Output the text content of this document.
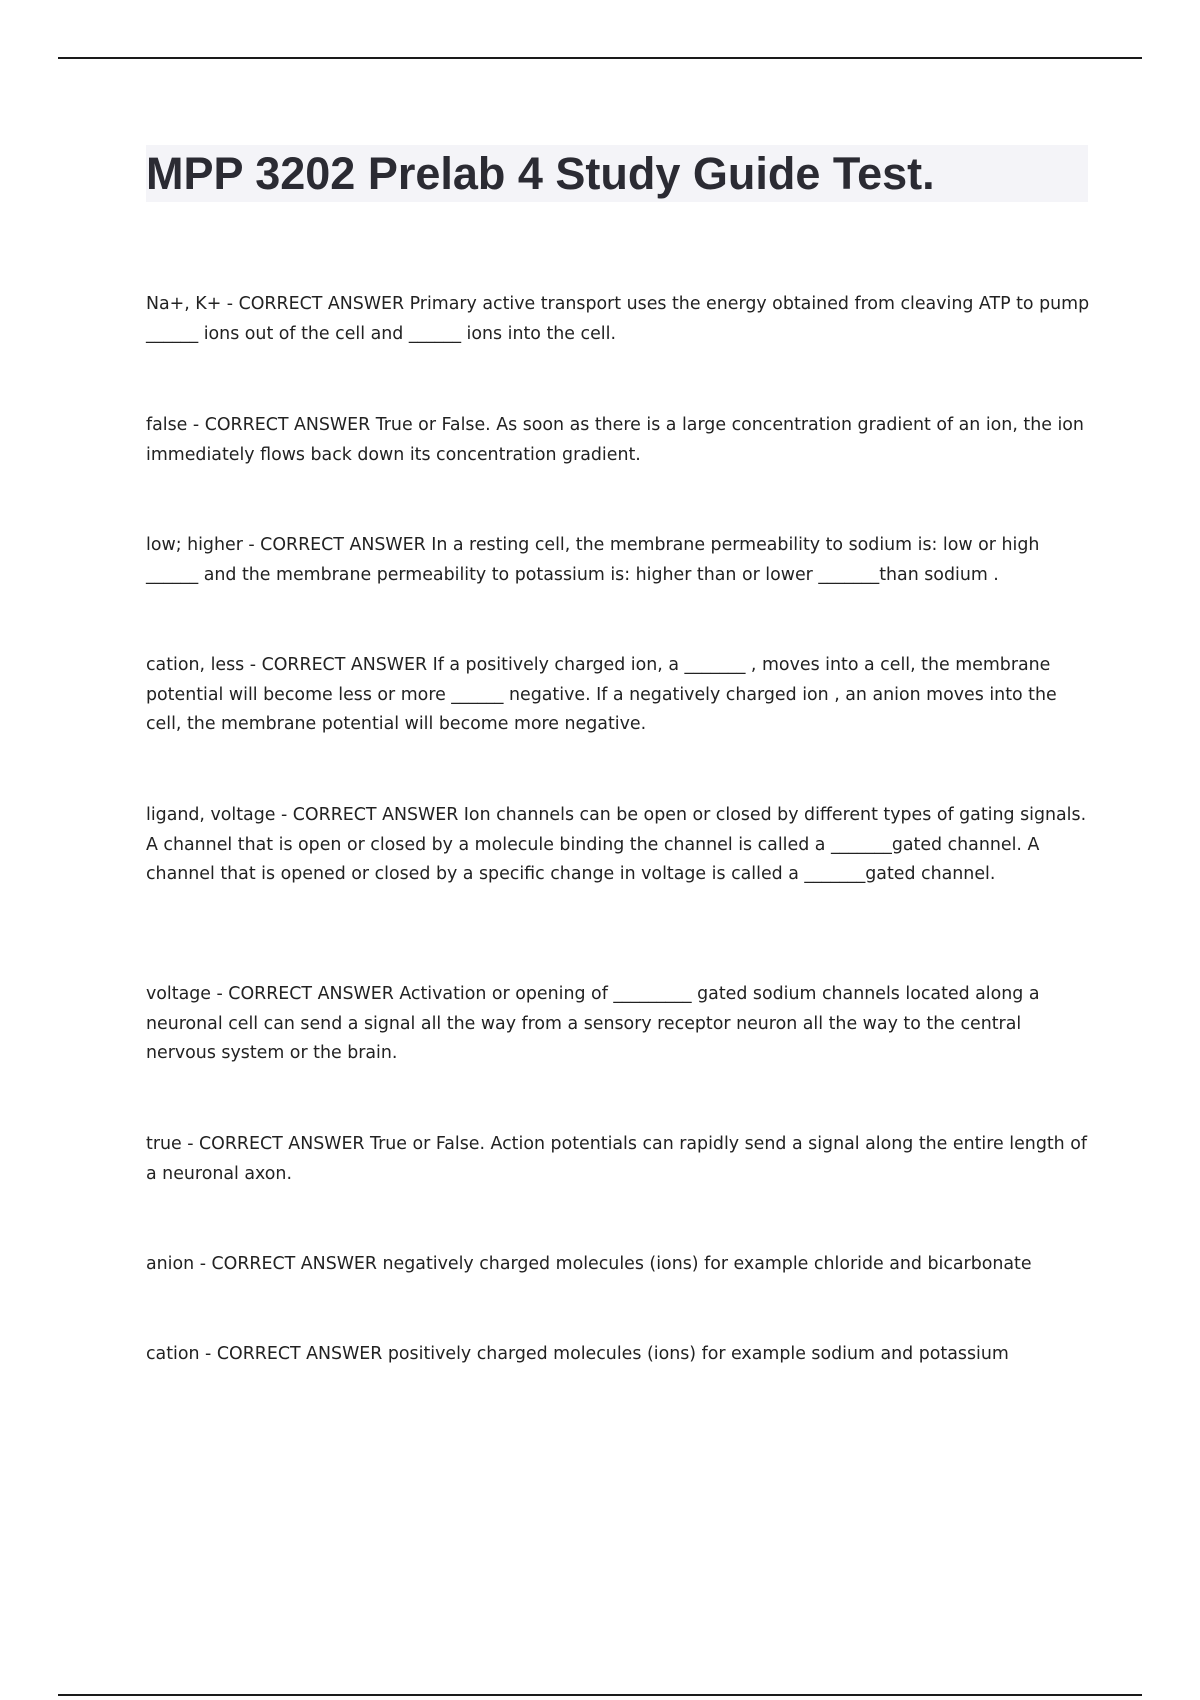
MPP 3202 Prelab 4 Study Guide Test.

Na+, K+ - CORRECT ANSWER Primary active transport uses the energy obtained from cleaving ATP to pump ______ ions out of the cell and ______ ions into the cell.

false - CORRECT ANSWER True or False. As soon as there is a large concentration gradient of an ion, the ion immediately flows back down its concentration gradient.

low; higher - CORRECT ANSWER In a resting cell, the membrane permeability to sodium is: low or high ______ and the membrane permeability to potassium is: higher than or lower _______than sodium .

cation, less - CORRECT ANSWER If a positively charged ion, a _______ , moves into a cell, the membrane potential will become less or more ______ negative. If a negatively charged ion , an anion moves into the cell, the membrane potential will become more negative.

ligand, voltage - CORRECT ANSWER Ion channels can be open or closed by different types of gating signals. A channel that is open or closed by a molecule binding the channel is called a _______gated channel. A channel that is opened or closed by a specific change in voltage is called a _______gated channel.

voltage - CORRECT ANSWER Activation or opening of _________ gated sodium channels located along a neuronal cell can send a signal all the way from a sensory receptor neuron all the way to the central nervous system or the brain.

true - CORRECT ANSWER True or False. Action potentials can rapidly send a signal along the entire length of a neuronal axon.

anion - CORRECT ANSWER negatively charged molecules (ions) for example chloride and bicarbonate

cation - CORRECT ANSWER positively charged molecules (ions) for example sodium and potassium
